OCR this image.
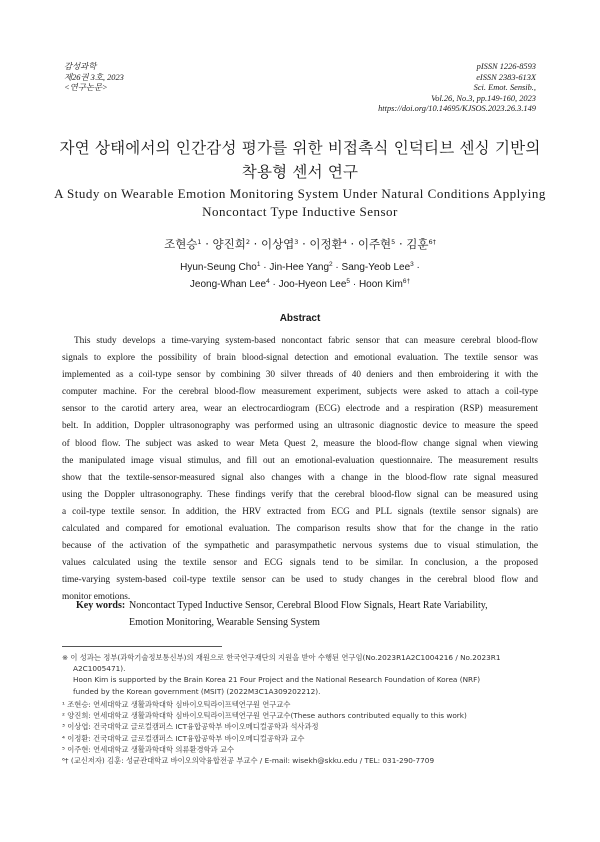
감성과학
제26권 3호, 2023
<연구논문>
pISSN 1226-8593
eISSN 2383-613X
Sci. Emot. Sensib.,
Vol.26, No.3, pp.149-160, 2023
https://doi.org/10.14695/KJSOS.2023.26.3.149
자연 상태에서의 인간감성 평가를 위한 비접촉식 인덕티브 센싱 기반의
착용형 센서 연구
A Study on Wearable Emotion Monitoring System Under Natural Conditions Applying
Noncontact Type Inductive Sensor
조현승$^1$ · 양진희$^2$ · 이상엽$^3$ · 이정환$^4$ · 이주현$^5$ · 김훈$^{6\dagger}$
Hyun-Seung Cho$^1$ · Jin-Hee Yang$^2$ · Sang-Yeob Lee$^3$ ·
Jeong-Whan Lee$^4$ · Joo-Hyeon Lee$^5$ · Hoon Kim$^{6\dagger}$
Abstract
This study develops a time-varying system-based noncontact fabric sensor that can measure cerebral blood-flow
signals to explore the possibility of brain blood-signal detection and emotional evaluation. The textile sensor was
implemented as a coil-type sensor by combining 30 silver threads of 40 deniers and then embroidering it with the
computer machine. For the cerebral blood-flow measurement experiment, subjects were asked to attach a coil-type
sensor to the carotid artery area, wear an electrocardiogram (ECG) electrode and a respiration (RSP) measurement
belt. In addition, Doppler ultrasonography was performed using an ultrasonic diagnostic device to measure the speed
of blood flow. The subject was asked to wear Meta Quest 2, measure the blood-flow change signal when viewing
the manipulated image visual stimulus, and fill out an emotional-evaluation questionnaire. The measurement results
show that the textile-sensor-measured signal also changes with a change in the blood-flow rate signal measured
using the Doppler ultrasonography. These findings verify that the cerebral blood-flow signal can be measured using
a coil-type textile sensor. In addition, the HRV extracted from ECG and PLL signals (textile sensor signals) are
calculated and compared for emotional evaluation. The comparison results show that for the change in the ratio
because of the activation of the sympathetic and parasympathetic nervous systems due to visual stimulation, the
values calculated using the textile sensor and ECG signals tend to be similar. In conclusion, a the proposed
time-varying system-based coil-type textile sensor can be used to study changes in the cerebral blood flow and
monitor emotions.
Key words: Noncontact Typed Inductive Sensor, Cerebral Blood Flow Signals, Heart Rate Variability,
Emotion Monitoring, Wearable Sensing System
※ 이 성과는 정부(과학기술정보통신부)의 재원으로 한국연구재단의 지원을 받아 수행된 연구임(No.2023R1A2C1004216 / No.2023R1
A2C1005471).
Hoon Kim is supported by the Brain Korea 21 Four Project and the National Research Foundation of Korea (NRF)
funded by the Korean government (MSIT) (2022M3C1A309202212).
¹ 조현승: 연세대학교 생활과학대학 심바이오틱라이프텍연구원 연구교수
² 양진희: 연세대학교 생활과학대학 심바이오틱라이프텍연구원 연구교수(These authors contributed equally to this work)
³ 이상엽: 건국대학교 글로컬캠퍼스 ICT융합공학부 바이오메디컬공학과 석사과정
⁴ 이정환: 건국대학교 글로컬캠퍼스 ICT융합공학부 바이오메디컬공학과 교수
⁵ 이주현: 연세대학교 생활과학대학 의류환경학과 교수
⁶† (교신저자) 김훈: 성균관대학교 바이오의약융합전공 부교수 / E-mail: wisekh@skku.edu / TEL: 031-290-7709
